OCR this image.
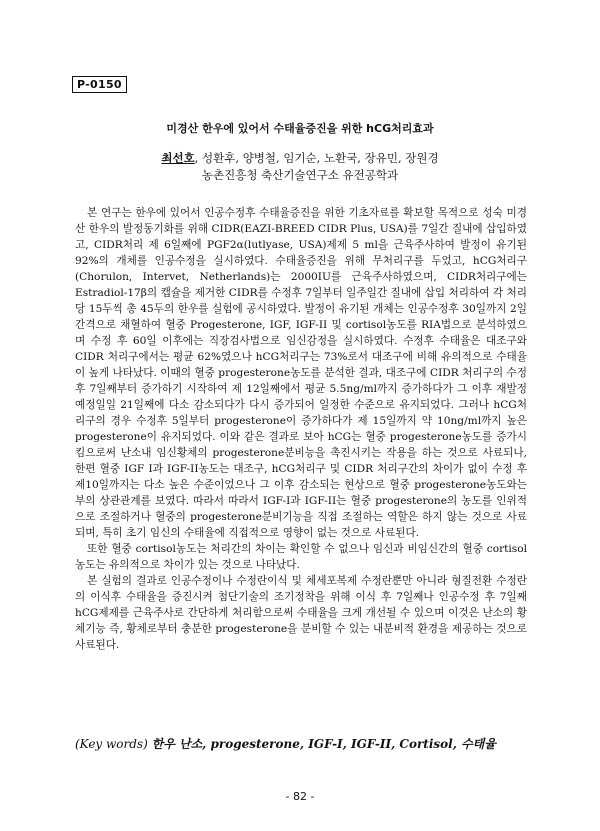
P-0150
미경산 한우에 있어서 수태율증진을 위한 hCG처리효과
최선호, 성환후, 양병철, 임기순, 노환국, 장유민, 장원경
농촌진흥청 축산기술연구소 유전공학과

본 연구는 한우에 있어서 인공수정후 수태율증진을 위한 기초자료를 확보할 목적으로 성숙 미경산 한우의 발정동기화를 위해 CIDR(EAZI-BREED CIDR Plus, USA)를 7일간 질내에 삽입하였고, CIDR처리 제 6일째에 PGF2α(lutlyase, USA)제제 5 ml을 근육주사하여 발정이 유기된 92%의 개체를 인공수정을 실시하였다. 수태율증진을 위해 무처리구를 두었고, hCG처리구(Chorulon, Intervet, Netherlands)는 2000IU를 근육주사하였으며, CIDR처리구에는 Estradiol-17β의 캡슐을 제거한 CIDR를 수정후 7일부터 일주일간 질내에 삽입 처리하여 각 처리당 15두씩 총 45두의 한우를 실험에 공시하였다. 발정이 유기된 개체는 인공수정후 30일까지 2일 간격으로 채혈하여 혈중 Progesterone, IGF, IGF-II 및 cortisol농도를 RIA법으로 분석하였으며 수정 후 60일 이후에는 직장검사법으로 임신감정을 실시하였다. 수정후 수태율은 대조구와 CIDR 처리구에서는 평균 62%였으나 hCG처리구는 73%로서 대조구에 비해 유의적으로 수태율이 높게 나타났다. 이때의 혈중 progesterone농도를 분석한 결과, 대조구에 CIDR 처리구의 수정후 7일째부터 증가하기 시작하여 제 12일째에서 평균 5.5ng/ml까지 증가하다가 그 이후 재발정 예정일일 21일째에 다소 감소되다가 다시 증가되어 일정한 수준으로 유지되었다. 그러나 hCG처리구의 경우 수정후 5일부터 progesterone이 증가하다가 제 15일까지 약 10ng/ml까지 높은 progesterone이 유지되었다. 이와 같은 결과로 보아 hCG는 혈중 progesterone농도를 증가시킴으로써 난소내 임신황체의 progesterone분비능을 촉진시키는 작용을 하는 것으로 사료되나, 한편 혈중 IGF I과 IGF-II농도는 대조구, hCG처리구 및 CIDR 처리구간의 차이가 없이 수정 후 제10일까지는 다소 높은 수준이었으나 그 이후 감소되는 현상으로 혈중 progesterone농도와는 부의 상관관계를 보였다. 따라서 따라서 IGF-I과 IGF-II는 혈중 progesterone의 농도를 인위적으로 조절하거나 혈중의 progesterone분비기능을 직접 조절하는 역할은 하지 않는 것으로 사료되며, 특히 초기 임신의 수태율에 직접적으로 영향이 없는 것으로 사료된다.

또한 혈중 cortisol농도는 처리간의 차이는 확인할 수 없으나 임신과 비임신간의 혈중 cortisol농도는 유의적으로 차이가 있는 것으로 나타났다.

본 실험의 결과로 인공수정이나 수정란이식 및 체세포복제 수정란뿐만 아니라 형질전환 수정란의 이식후 수태율을 증진시켜 첨단기술의 조기정착을 위해 이식 후 7일째나 인공수정 후 7일째 hCG제제를 근육주사로 간단하게 처리함으로써 수태율을 크게 개선될 수 있으며 이것은 난소의 황체기능 즉, 황체로부터 충분한 progesterone을 분비할 수 있는 내분비적 환경을 제공하는 것으로 사료된다.

(Key words) 한우 난소, progesterone, IGF-I, IGF-II, Cortisol, 수태율
- 82 -
